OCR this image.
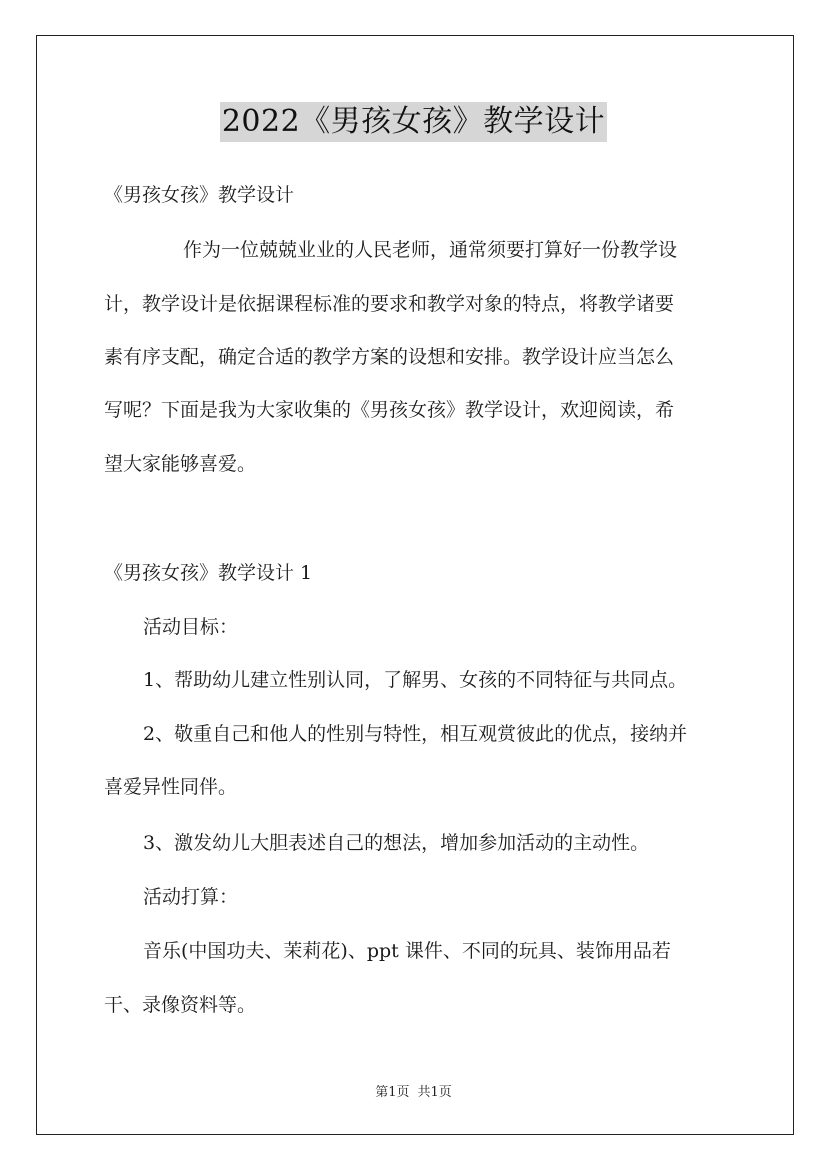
2022《男孩女孩》教学设计
《男孩女孩》教学设计
作为一位兢兢业业的人民老师，通常须要打算好一份教学设
计，教学设计是依据课程标准的要求和教学对象的特点，将教学诸要
素有序支配，确定合适的教学方案的设想和安排。教学设计应当怎么
写呢？下面是我为大家收集的《男孩女孩》教学设计，欢迎阅读，希
望大家能够喜爱。
《男孩女孩》教学设计 1
活动目标：
1、帮助幼儿建立性别认同，了解男、女孩的不同特征与共同点。
2、敬重自己和他人的性别与特性，相互观赏彼此的优点，接纳并
喜爱异性同伴。
3、激发幼儿大胆表述自己的想法，增加参加活动的主动性。
活动打算：
音乐(中国功夫、茉莉花)、ppt 课件、不同的玩具、装饰用品若
干、录像资料等。
第1页 共1页
